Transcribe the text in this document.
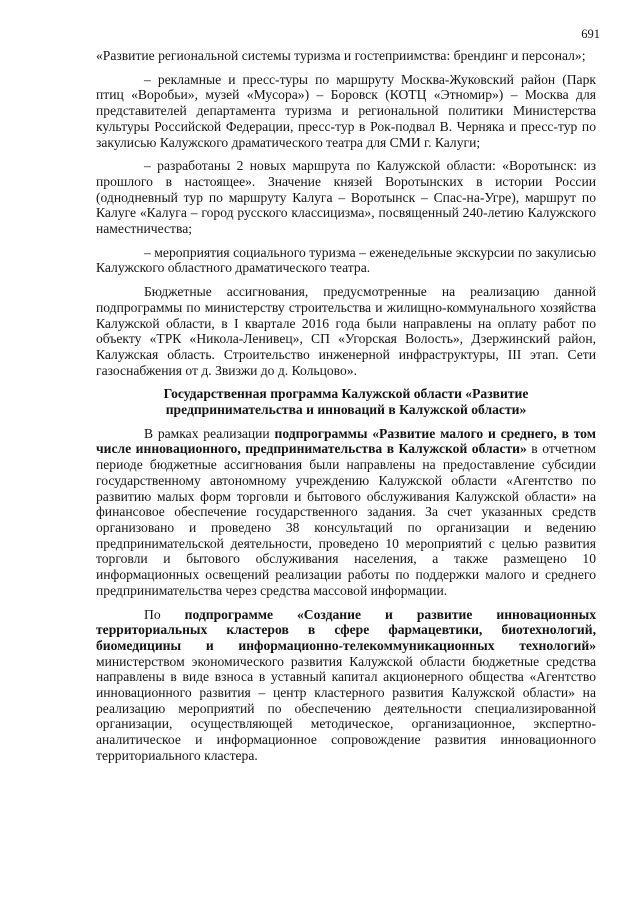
691

«Развитие региональной системы туризма и гостеприимства: брендинг и персонал»;

– рекламные и пресс-туры по маршруту Москва-Жуковский район (Парк птиц «Воробьи», музей «Мусора») – Боровск (КОТЦ «Этномир») – Москва для представителей департамента туризма и региональной политики Министерства культуры Российской Федерации, пресс-тур в Рок-подвал В. Черняка и пресс-тур по закулисью Калужского драматического театра для СМИ г. Калуги;

– разработаны 2 новых маршрута по Калужской области: «Воротынск: из прошлого в настоящее». Значение князей Воротынских в истории России (однодневный тур по маршруту Калуга – Воротынск – Спас-на-Угре), маршрут по Калуге «Калуга – город русского классицизма», посвященный 240-летию Калужского наместничества;

– мероприятия социального туризма – еженедельные экскурсии по закулисью Калужского областного драматического театра.

Бюджетные ассигнования, предусмотренные на реализацию данной подпрограммы по министерству строительства и жилищно-коммунального хозяйства Калужской области, в I квартале 2016 года были направлены на оплату работ по объекту «ТРК «Никола-Ленивец», СП «Угорская Волость», Дзержинский район, Калужская область. Строительство инженерной инфраструктуры, III этап. Сети газоснабжения от д. Звизжи до д. Кольцово».

Государственная программа Калужской области «Развитие
предпринимательства и инноваций в Калужской области»

В рамках реализации подпрограммы «Развитие малого и среднего, в том числе инновационного, предпринимательства в Калужской области» в отчетном периоде бюджетные ассигнования были направлены на предоставление субсидии государственному автономному учреждению Калужской области «Агентство по развитию малых форм торговли и бытового обслуживания Калужской области» на финансовое обеспечение государственного задания. За счет указанных средств организовано и проведено 38 консультаций по организации и ведению предпринимательской деятельности, проведено 10 мероприятий с целью развития торговли и бытового обслуживания населения, а также размещено 10 информационных освещений реализации работы по поддержки малого и среднего предпринимательства через средства массовой информации.

По подпрограмме «Создание и развитие инновационных территориальных кластеров в сфере фармацевтики, биотехнологий, биомедицины и информационно-телекоммуникационных технологий» министерством экономического развития Калужской области бюджетные средства направлены в виде взноса в уставный капитал акционерного общества «Агентство инновационного развития – центр кластерного развития Калужской области» на реализацию мероприятий по обеспечению деятельности специализированной организации, осуществляющей методическое, организационное, экспертно-аналитическое и информационное сопровождение развития инновационного территориального кластера.
